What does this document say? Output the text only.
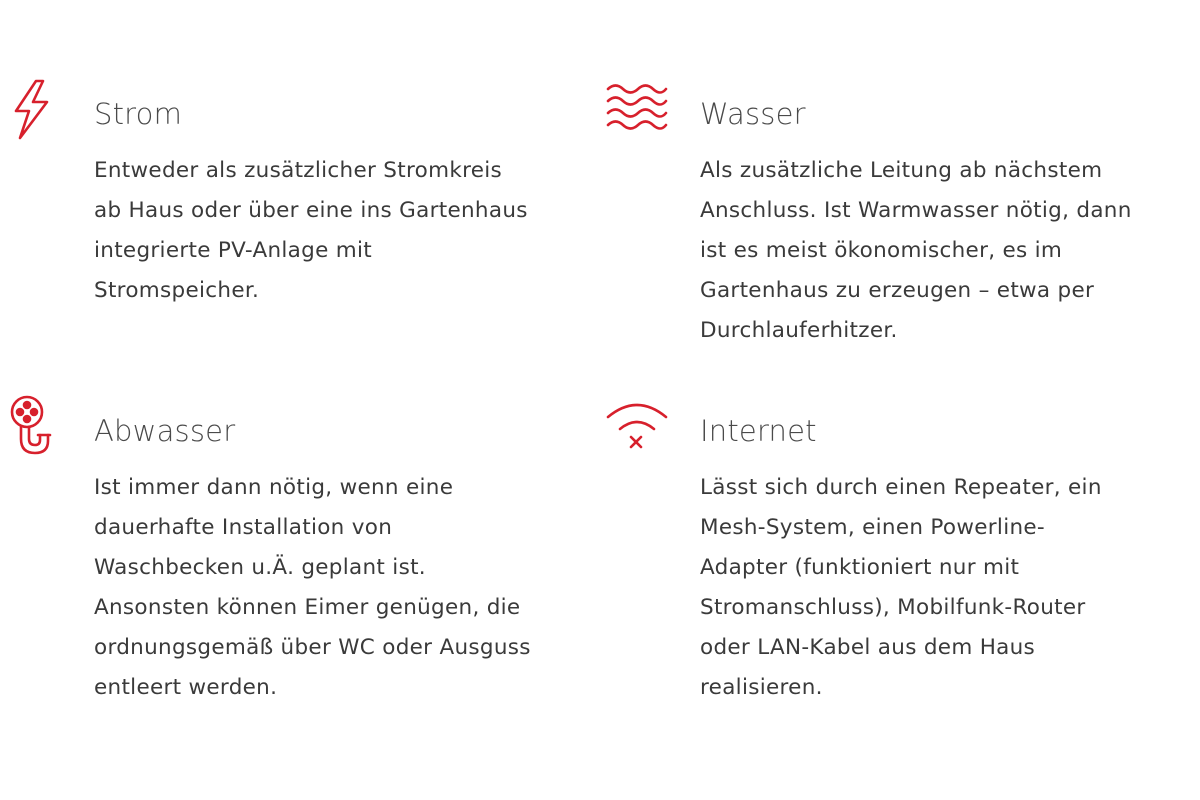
Strom
Entweder als zusätzlicher Stromkreis
ab Haus oder über eine ins Gartenhaus
integrierte PV-Anlage mit
Stromspeicher.
Wasser
Als zusätzliche Leitung ab nächstem
Anschluss. Ist Warmwasser nötig, dann
ist es meist ökonomischer, es im
Gartenhaus zu erzeugen – etwa per
Durchlauferhitzer.
Abwasser
Ist immer dann nötig, wenn eine
dauerhafte Installation von
Waschbecken u.Ä. geplant ist.
Ansonsten können Eimer genügen, die
ordnungsgemäß über WC oder Ausguss
entleert werden.
Internet
Lässt sich durch einen Repeater, ein
Mesh-System, einen Powerline-
Adapter (funktioniert nur mit
Stromanschluss), Mobilfunk-Router
oder LAN-Kabel aus dem Haus
realisieren.
